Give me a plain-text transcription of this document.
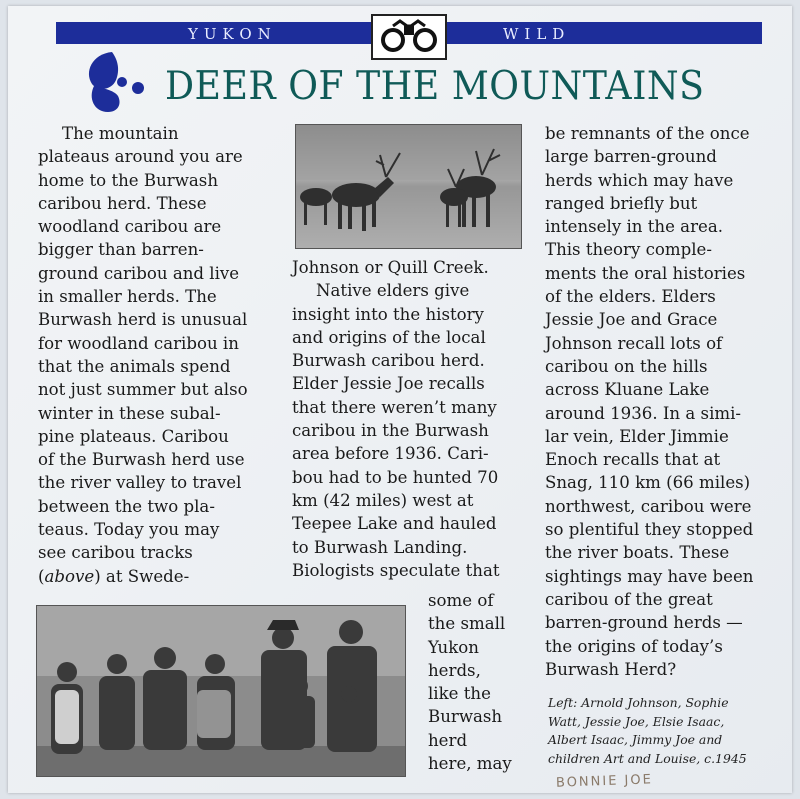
YUKON	WILD
DEER OF THE MOUNTAINS
The mountain
plateaus around you are
home to the Burwash
caribou herd. These
woodland caribou are
bigger than barren-
ground caribou and live
in smaller herds. The
Burwash herd is unusual
for woodland caribou in
that the animals spend
not just summer but also
winter in these subal-
pine plateaus. Caribou
of the Burwash herd use
the river valley to travel
between the two pla-
teaus. Today you may
see caribou tracks
(above) at Swede-
Johnson or Quill Creek.
Native elders give
insight into the history
and origins of the local
Burwash caribou herd.
Elder Jessie Joe recalls
that there weren’t many
caribou in the Burwash
area before 1936. Cari-
bou had to be hunted 70
km (42 miles) west at
Teepee Lake and hauled
to Burwash Landing.
Biologists speculate that
some of
the small
Yukon
herds,
like the
Burwash
herd
here, may
be remnants of the once
large barren-ground
herds which may have
ranged briefly but
intensely in the area.
This theory comple-
ments the oral histories
of the elders. Elders
Jessie Joe and Grace
Johnson recall lots of
caribou on the hills
across Kluane Lake
around 1936. In a simi-
lar vein, Elder Jimmie
Enoch recalls that at
Snag, 110 km (66 miles)
northwest, caribou were
so plentiful they stopped
the river boats. These
sightings may have been
caribou of the great
barren-ground herds —
the origins of today’s
Burwash Herd?
Left: Arnold Johnson, Sophie
Watt, Jessie Joe, Elsie Isaac,
Albert Isaac, Jimmy Joe and
children Art and Louise, c.1945
BONNIE JOE
